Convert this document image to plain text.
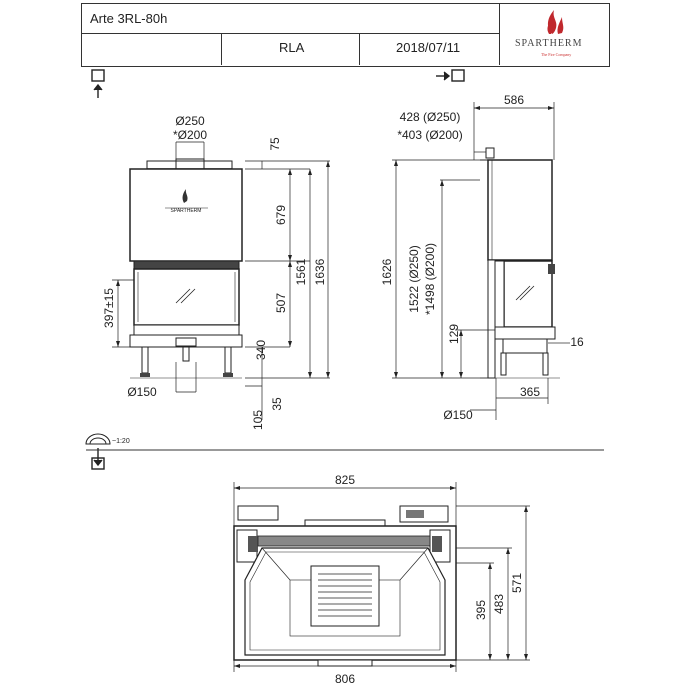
Arte 3RL-80h
RLA	2018/07/11	SPARTHERM
The Fire Company
~1:20
SPARTHERM
Ø250
*Ø200
75
679
1561 1636
507
397±15
340
35
105
Ø150
586
428 (Ø250)
*403 (Ø200)
1626 1522 (Ø250) *1498 (Ø200)
129	16
365
Ø150
825
806
395 483
571
